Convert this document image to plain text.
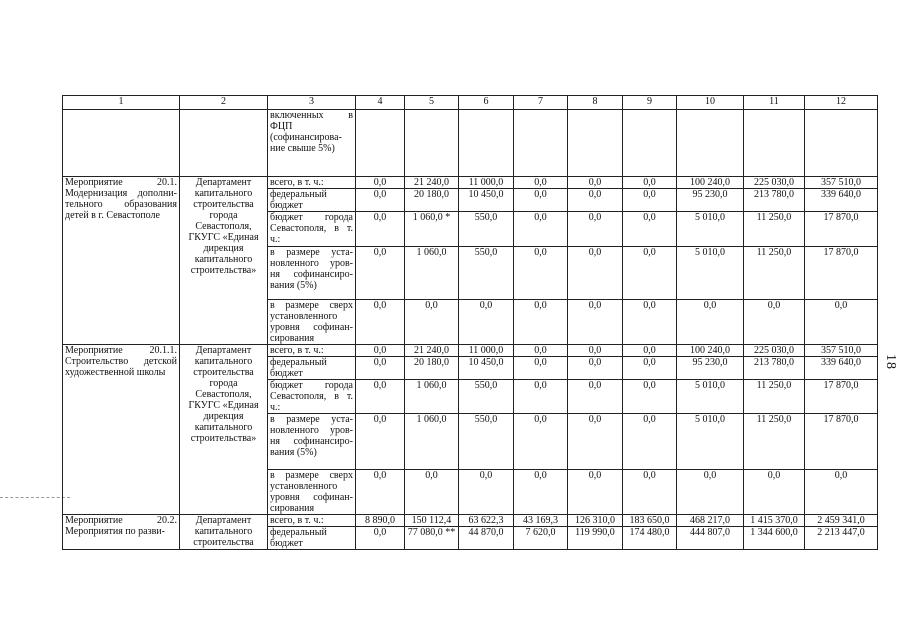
18
1	2	3	4	5	6	7	8	9	10	11	12
		включенных в ФЦП (софинансирова-ние свыше 5%)									
Мероприятие 20.1. Модернизация дополни-тельного образования детей в г. Севастополе	Департамент капитального строительства города Севастополя, ГКУГС «Единая дирекция капитального строительства»	всего, в т. ч.:	0,0	21 240,0	11 000,0	0,0	0,0	0,0	100 240,0	225 030,0	357 510,0
		федеральный бюджет	0,0	20 180,0	10 450,0	0,0	0,0	0,0	95 230,0	213 780,0	339 640,0
		бюджет города Севастополя, в т. ч.:	0,0	1 060,0 *	550,0	0,0	0,0	0,0	5 010,0	11 250,0	17 870,0
		в размере уста-новленного уров-ня софинансиро-вания (5%)	0,0	1 060,0	550,0	0,0	0,0	0,0	5 010,0	11 250,0	17 870,0
		в размере сверх установленного уровня софинан-сирования	0,0	0,0	0,0	0,0	0,0	0,0	0,0	0,0	0,0
Мероприятие 20.1.1. Строительство детской художественной школы	Департамент капитального строительства города Севастополя, ГКУГС «Единая дирекция капитального строительства»	всего, в т. ч.:	0,0	21 240,0	11 000,0	0,0	0,0	0,0	100 240,0	225 030,0	357 510,0
		федеральный бюджет	0,0	20 180,0	10 450,0	0,0	0,0	0,0	95 230,0	213 780,0	339 640,0
		бюджет города Севастополя, в т. ч.:	0,0	1 060,0	550,0	0,0	0,0	0,0	5 010,0	11 250,0	17 870,0
		в размере уста-новленного уров-ня софинансиро-вания (5%)	0,0	1 060,0	550,0	0,0	0,0	0,0	5 010,0	11 250,0	17 870,0
		в размере сверх установленного уровня софинан-сирования	0,0	0,0	0,0	0,0	0,0	0,0	0,0	0,0	0,0
Мероприятие 20.2. Мероприятия по разви-	Департамент капитального строительства	всего, в т. ч.:	8 890,0	150 112,4	63 622,3	43 169,3	126 310,0	183 650,0	468 217,0	1 415 370,0	2 459 341,0
		федеральный бюджет	0,0	77 080,0 **	44 870,0	7 620,0	119 990,0	174 480,0	444 807,0	1 344 600,0	2 213 447,0
